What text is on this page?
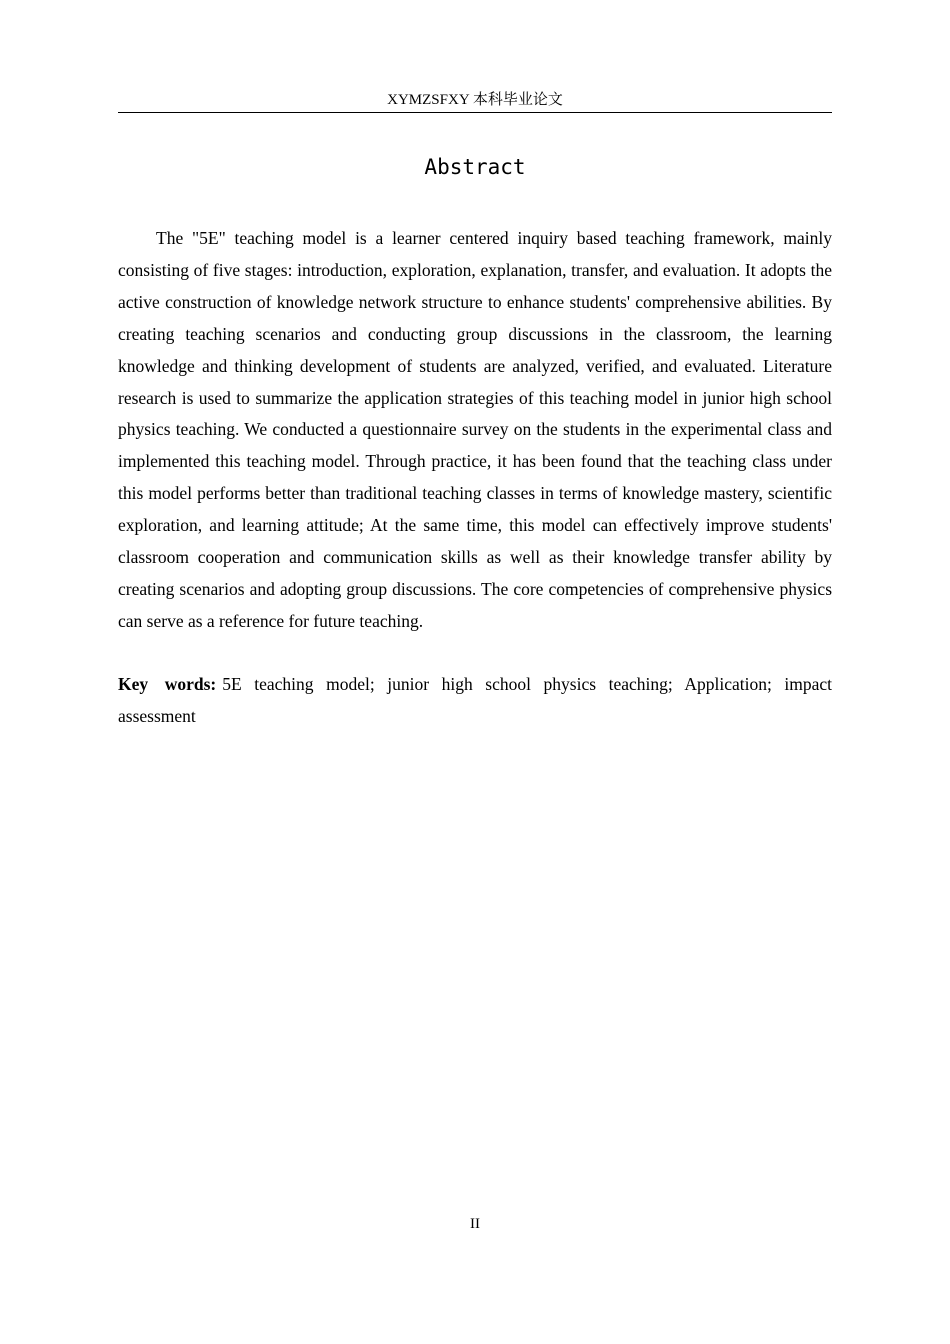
XYMZSFXY 本科毕业论文
Abstract

The "5E" teaching model is a learner centered inquiry based teaching framework, mainly consisting of five stages: introduction, exploration, explanation, transfer, and evaluation. It adopts the active construction of knowledge network structure to enhance students' comprehensive abilities. By creating teaching scenarios and conducting group discussions in the classroom, the learning knowledge and thinking development of students are analyzed, verified, and evaluated. Literature research is used to summarize the application strategies of this teaching model in junior high school physics teaching. We conducted a questionnaire survey on the students in the experimental class and implemented this teaching model. Through practice, it has been found that the teaching class under this model performs better than traditional teaching classes in terms of knowledge mastery, scientific exploration, and learning attitude; At the same time, this model can effectively improve students' classroom cooperation and communication skills as well as their knowledge transfer ability by creating scenarios and adopting group discussions. The core competencies of comprehensive physics can serve as a reference for future teaching.

Key words: 5E teaching model; junior high school physics teaching; Application; impact assessment

II
